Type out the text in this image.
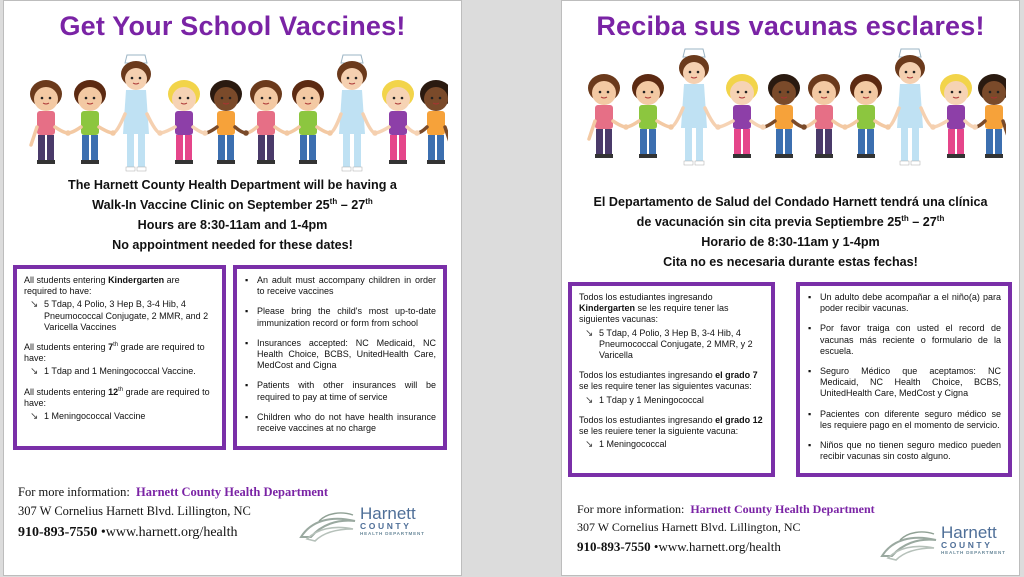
Get Your School Vaccines!
The Harnett County Health Department will be having a
Walk-In Vaccine Clinic on September 25th – 27th
Hours are 8:30-11am and 1-4pm
No appointment needed for these dates!
All students entering Kindergarten are required to have:
↘ 5 Tdap, 4 Polio, 3 Hep B, 3-4 Hib, 4 Pneumococcal Conjugate, 2 MMR, and 2 Varicella Vaccines
All students entering 7th grade are required to have:
↘ 1 Tdap and 1 Meningococcal Vaccine.
All students entering 12th grade are required to have:
↘ 1 Meningococcal Vaccine
▪ An adult must accompany children in order to receive vaccines
▪ Please bring the child's most up-to-date immunization record or form from school
▪ Insurances accepted: NC Medicaid, NC Health Choice, BCBS, UnitedHealth Care, MedCost and Cigna
▪ Patients with other insurances will be required to pay at time of service
▪ Children who do not have health insurance receive vaccines at no charge
For more information: Harnett County Health Department
307 W Cornelius Harnett Blvd. Lillington, NC
910-893-7550 •www.harnett.org/health
Harnett
COUNTY
HEALTH DEPARTMENT
Reciba sus vacunas esclares!
El Departamento de Salud del Condado Harnett tendrá una clínica
de vacunación sin cita previa Septiembre 25th – 27th
Horario de 8:30-11am y 1-4pm
Cita no es necesaria durante estas fechas!
Todos los estudiantes ingresando Kindergarten se les require tener las siguientes vacunas:
↘ 5 Tdap, 4 Polio, 3 Hep B, 3-4 Hib, 4 Pneumococcal Conjugate, 2 MMR, y 2 Varicella
Todos los estudiantes ingresando el grado 7 se les require tener las siguientes vacunas:
↘ 1 Tdap y 1 Meningococcal
Todos los estudiantes ingresando el grado 12 se les reuiere tener la siguiente vacuna:
↘ 1 Meningococcal
▪ Un adulto debe acompañar a el niño(a) para poder recibir vacunas.
▪ Por favor traiga con usted el record de vacunas más reciente o formulario de la escuela.
▪ Seguro Médico que aceptamos: NC Medicaid, NC Health Choice, BCBS, UnitedHealth Care, MedCost y Cigna
▪ Pacientes con diferente seguro médico se les requiere pago en el momento de servicio.
▪ Niños que no tienen seguro medico pueden recibir vacunas sin costo alguno.
For more information: Harnett County Health Department
307 W Cornelius Harnett Blvd. Lillington, NC
910-893-7550 •www.harnett.org/health
Harnett
COUNTY
HEALTH DEPARTMENT
